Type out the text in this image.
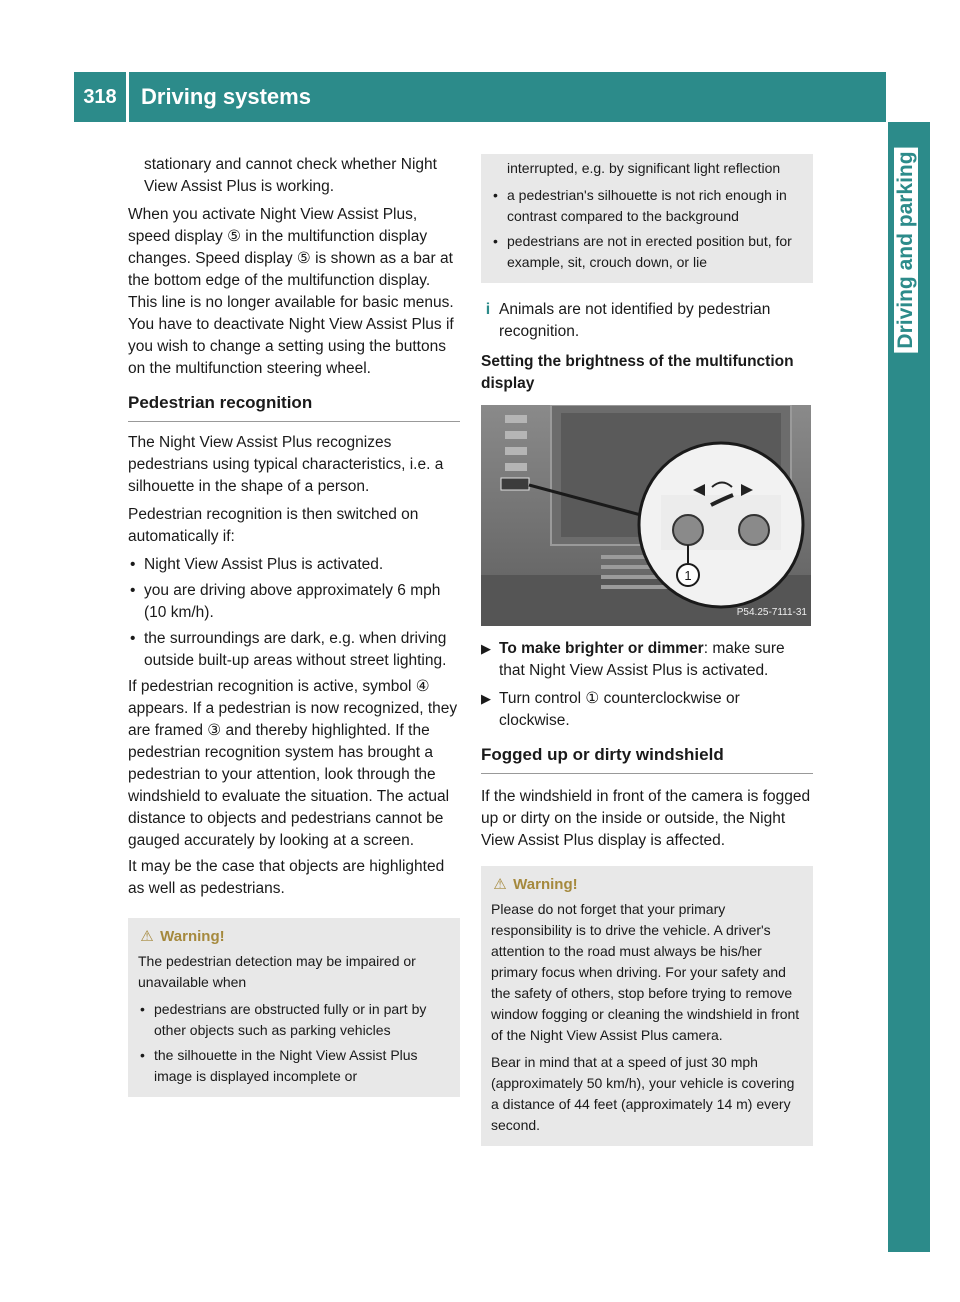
318	Driving systems
Driving and parking

stationary and cannot check whether Night View Assist Plus is working.

When you activate Night View Assist Plus, speed display ⑤ in the multifunction display changes. Speed display ⑤ is shown as a bar at the bottom edge of the multifunction display. This line is no longer available for basic menus. You have to deactivate Night View Assist Plus if you wish to change a setting using the buttons on the multifunction steering wheel.

Pedestrian recognition

The Night View Assist Plus recognizes pedestrians using typical characteristics, i.e. a silhouette in the shape of a person.

Pedestrian recognition is then switched on automatically if:

• Night View Assist Plus is activated.
• you are driving above approximately 6 mph (10 km/h).
• the surroundings are dark, e.g. when driving outside built-up areas without street lighting.

If pedestrian recognition is active, symbol ④ appears. If a pedestrian is now recognized, they are framed ③ and thereby highlighted. If the pedestrian recognition system has brought a pedestrian to your attention, look through the windshield to evaluate the situation. The actual distance to objects and pedestrians cannot be gauged accurately by looking at a screen.

It may be the case that objects are highlighted as well as pedestrians.

⚠ Warning!

The pedestrian detection may be impaired or unavailable when

• pedestrians are obstructed fully or in part by other objects such as parking vehicles
• the silhouette in the Night View Assist Plus image is displayed incomplete or

interrupted, e.g. by significant light reflection

• a pedestrian's silhouette is not rich enough in contrast compared to the background
• pedestrians are not in erected position but, for example, sit, crouch down, or lie
i Animals are not identified by pedestrian recognition.

Setting the brightness of the multifunction display

1
P54.25-7111-31
▶ To make brighter or dimmer: make sure that Night View Assist Plus is activated.
▶ Turn control ① counterclockwise or clockwise.

Fogged up or dirty windshield

If the windshield in front of the camera is fogged up or dirty on the inside or outside, the Night View Assist Plus display is affected.

⚠ Warning!

Please do not forget that your primary responsibility is to drive the vehicle. A driver's attention to the road must always be his/her primary focus when driving. For your safety and the safety of others, stop before trying to remove window fogging or cleaning the windshield in front of the Night View Assist Plus camera.

Bear in mind that at a speed of just 30 mph (approximately 50 km/h), your vehicle is covering a distance of 44 feet (approximately 14 m) every second.
